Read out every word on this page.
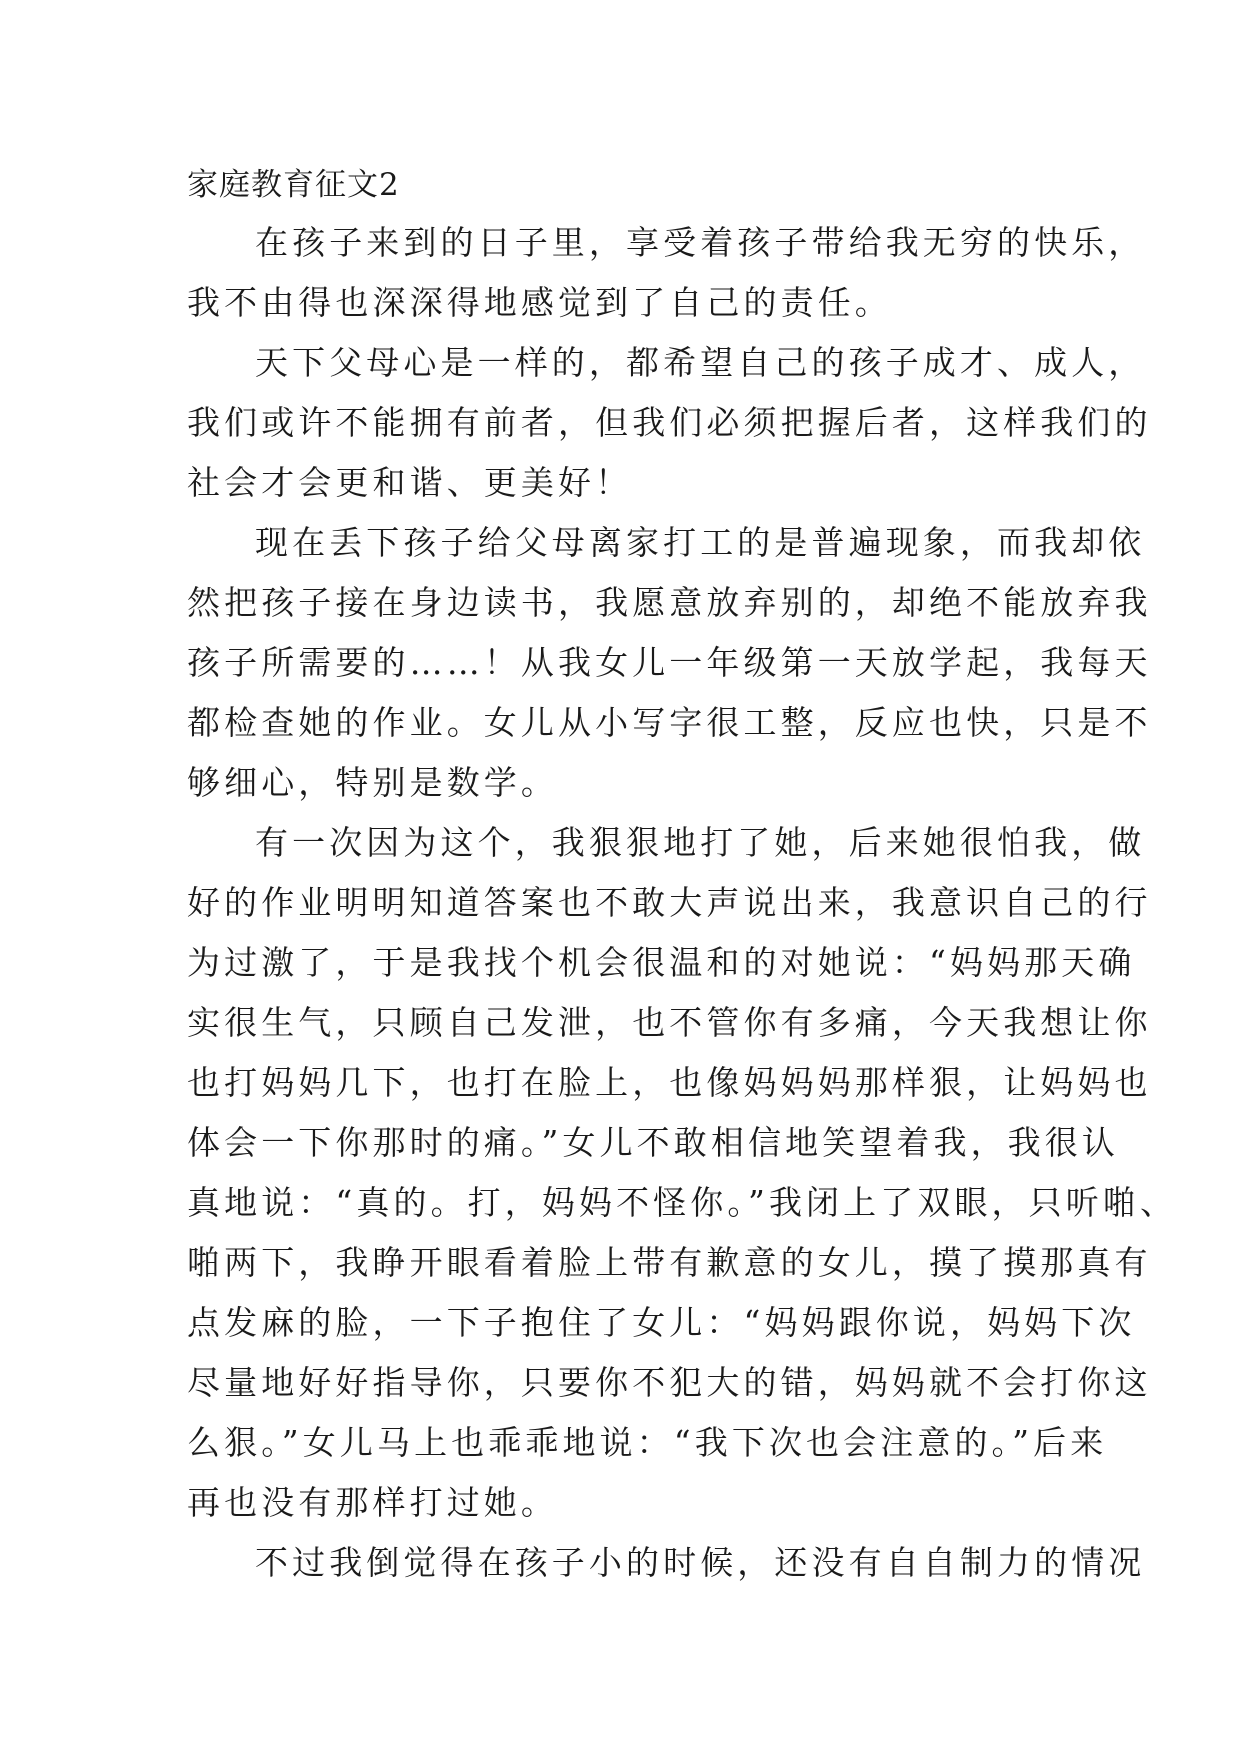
家庭教育征文2
在孩子来到的日子里，享受着孩子带给我无穷的快乐，
我不由得也深深得地感觉到了自己的责任。
天下父母心是一样的，都希望自己的孩子成才、成人，
我们或许不能拥有前者，但我们必须把握后者，这样我们的
社会才会更和谐、更美好！
现在丢下孩子给父母离家打工的是普遍现象，而我却依
然把孩子接在身边读书，我愿意放弃别的，却绝不能放弃我
孩子所需要的……！从我女儿一年级第一天放学起，我每天
都检查她的作业。女儿从小写字很工整，反应也快，只是不
够细心，特别是数学。
有一次因为这个，我狠狠地打了她，后来她很怕我，做
好的作业明明知道答案也不敢大声说出来，我意识自己的行
为过激了，于是我找个机会很温和的对她说：“妈妈那天确
实很生气，只顾自己发泄，也不管你有多痛，今天我想让你
也打妈妈几下，也打在脸上，也像妈妈妈那样狠，让妈妈也
体会一下你那时的痛。”女儿不敢相信地笑望着我，我很认
真地说：“真的。打，妈妈不怪你。”我闭上了双眼，只听啪、
啪两下，我睁开眼看着脸上带有歉意的女儿，摸了摸那真有
点发麻的脸，一下子抱住了女儿：“妈妈跟你说，妈妈下次
尽量地好好指导你，只要你不犯大的错，妈妈就不会打你这
么狠。”女儿马上也乖乖地说：“我下次也会注意的。”后来
再也没有那样打过她。
不过我倒觉得在孩子小的时候，还没有自自制力的情况
